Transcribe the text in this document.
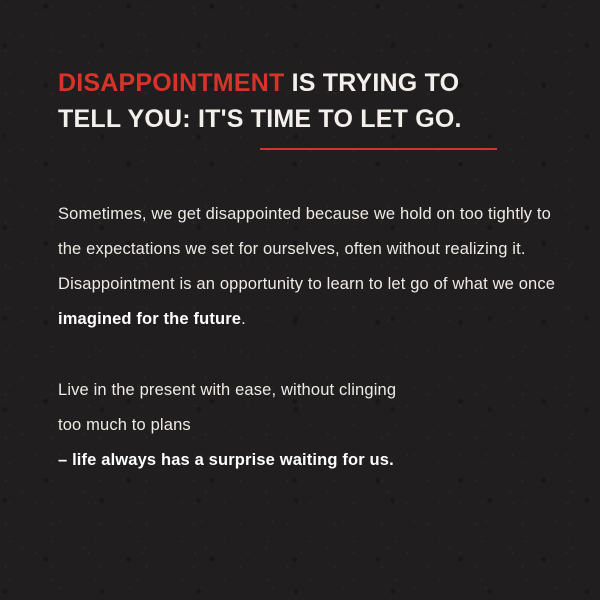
DISAPPOINTMENT IS TRYING TO
TELL YOU: IT'S TIME TO LET GO.

Sometimes, we get disappointed because we hold on too tightly to the expectations we set for ourselves, often without realizing it. Disappointment is an opportunity to learn to let go of what we once imagined for the future.

Live in the present with ease, without clinging
too much to plans
– life always has a surprise waiting for us.
